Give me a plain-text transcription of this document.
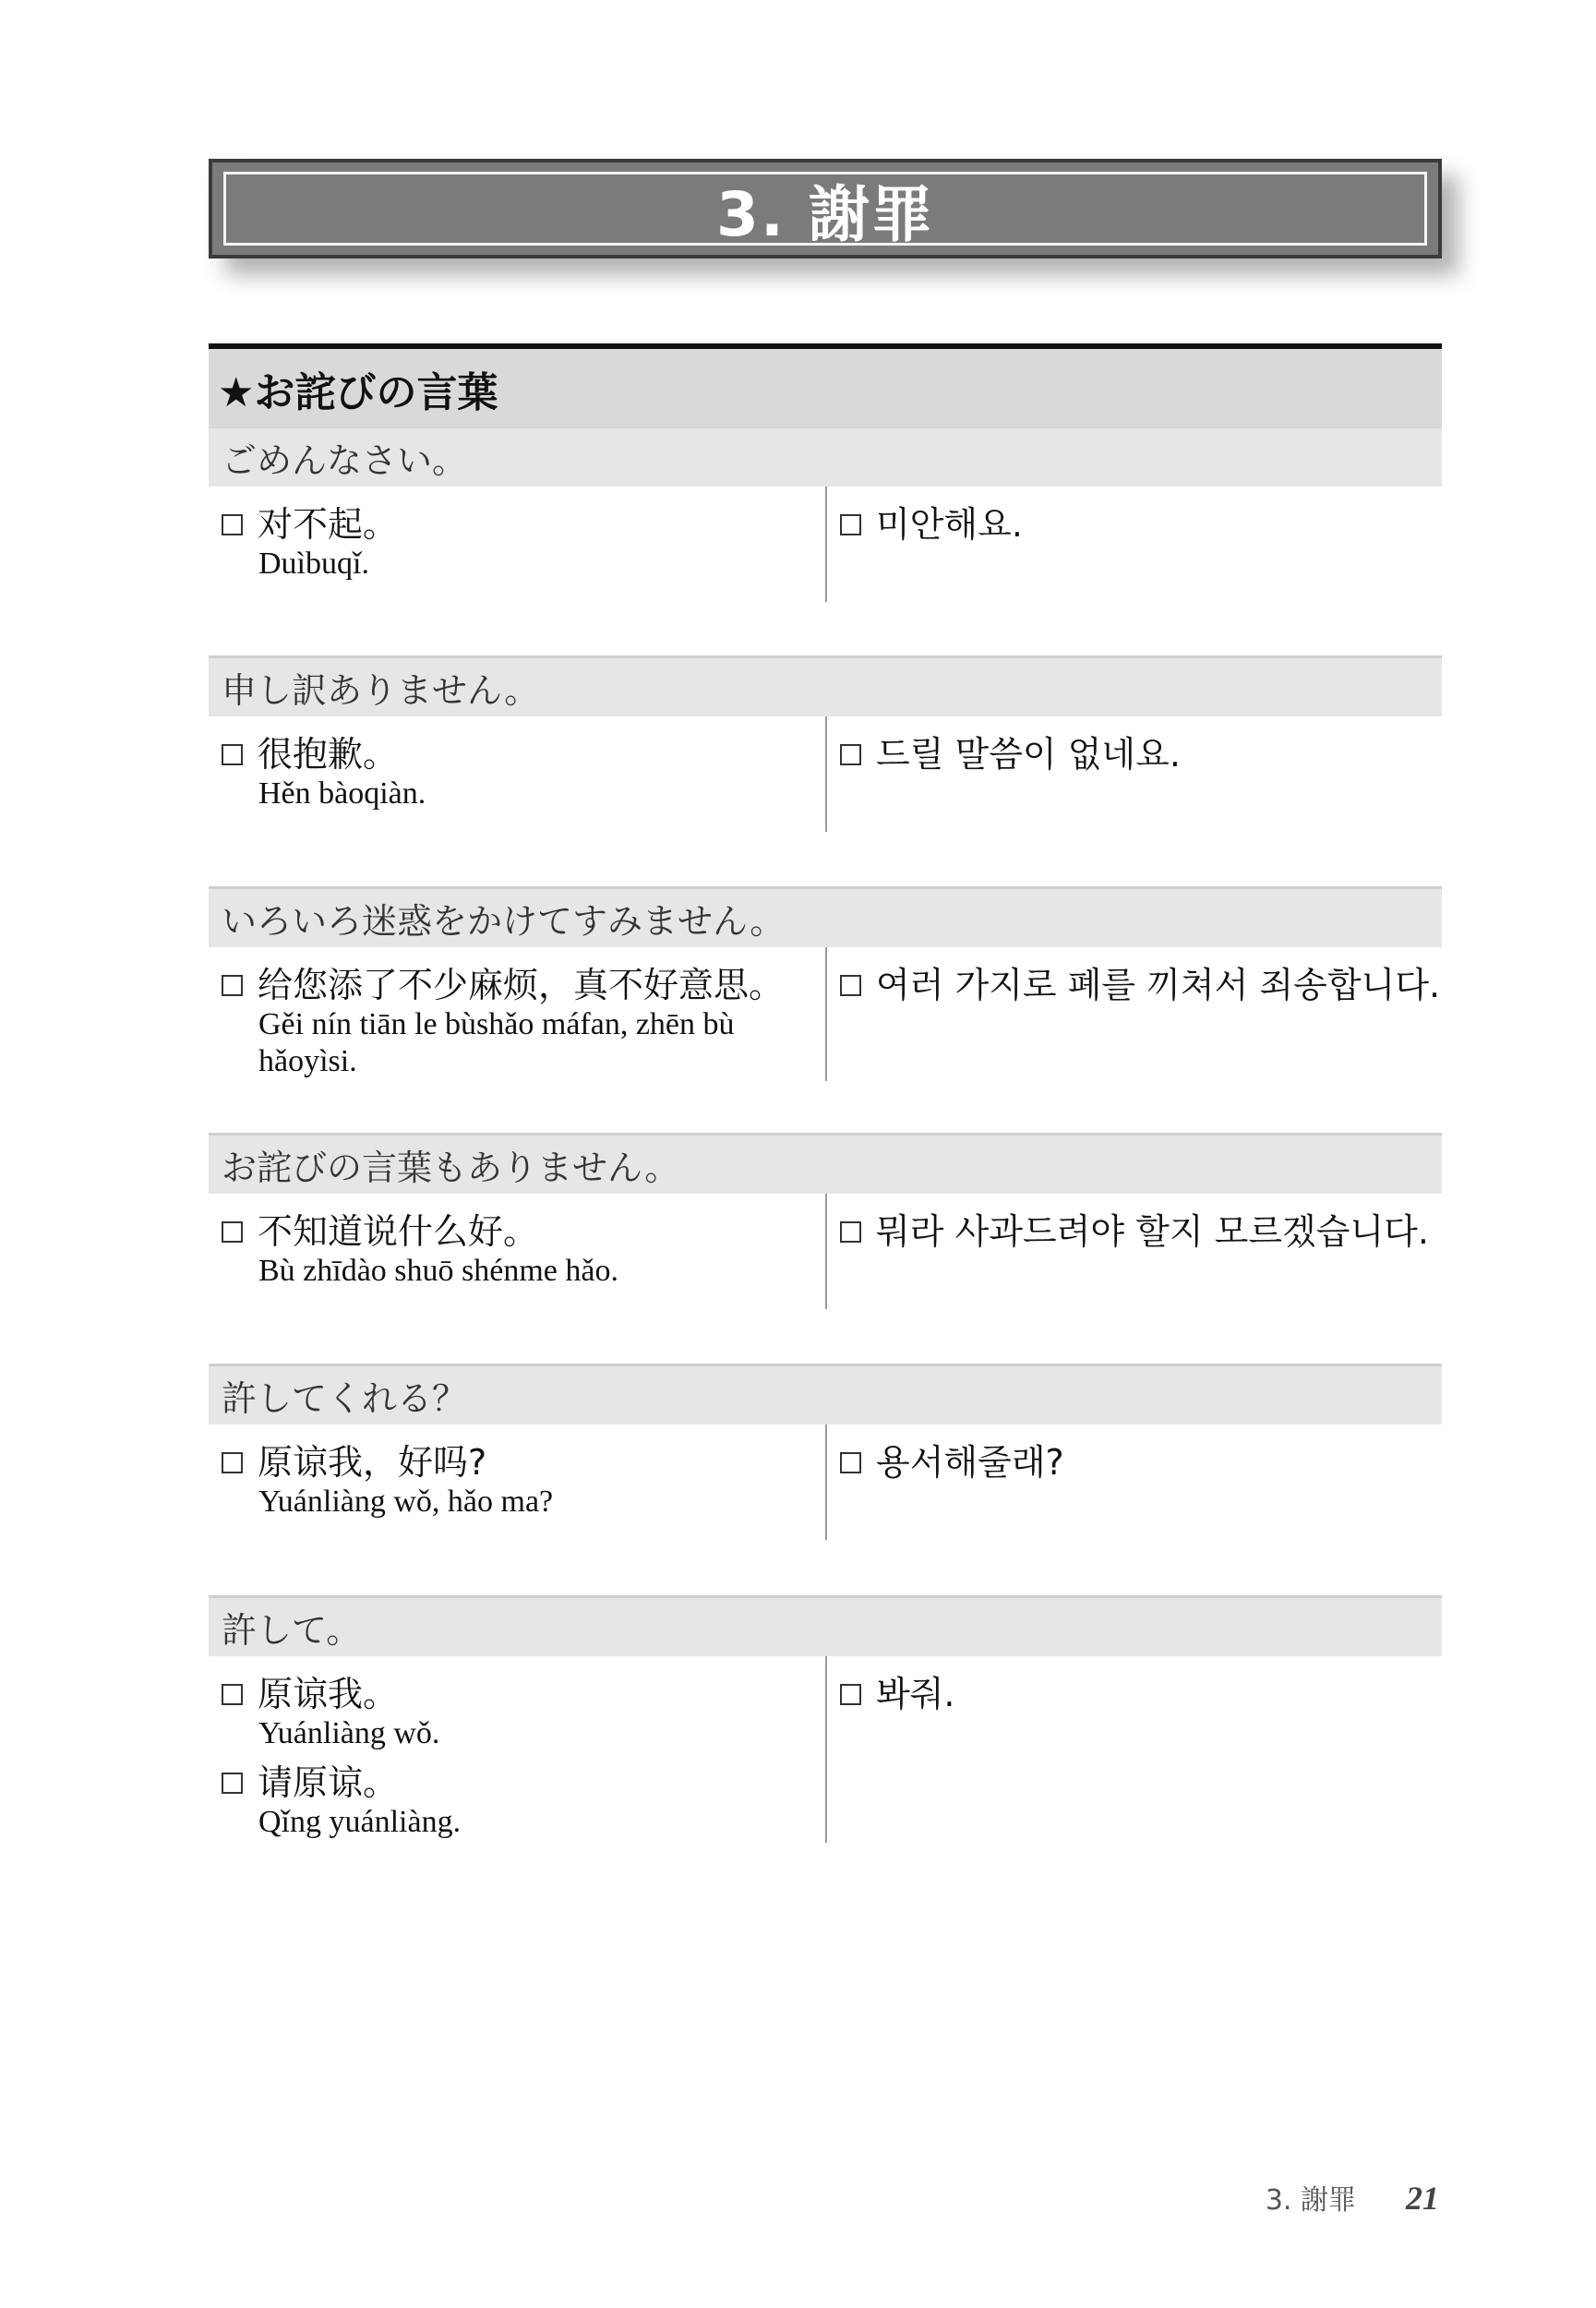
3. 謝罪
★お詫びの言葉
ごめんなさい。
对不起。
Duìbuqǐ.
미안해요.
申し訳ありません。
很抱歉。
Hěn bàoqiàn.
드릴 말씀이 없네요.
いろいろ迷惑をかけてすみません。
给您添了不少麻烦，真不好意思。
Gěi nín tiān le bùshǎo máfan, zhēn bù
hǎoyìsi.
여러 가지로 폐를 끼쳐서 죄송합니다.
お詫びの言葉もありません。
不知道说什么好。
Bù zhīdào shuō shénme hǎo.
뭐라 사과드려야 할지 모르겠습니다.
許してくれる？
原谅我，好吗?
Yuánliàng wǒ, hǎo ma?
용서해줄래?
許して。
原谅我。
Yuánliàng wǒ.
请原谅。
Qǐng yuánliàng.
봐줘.
3. 謝罪 21
